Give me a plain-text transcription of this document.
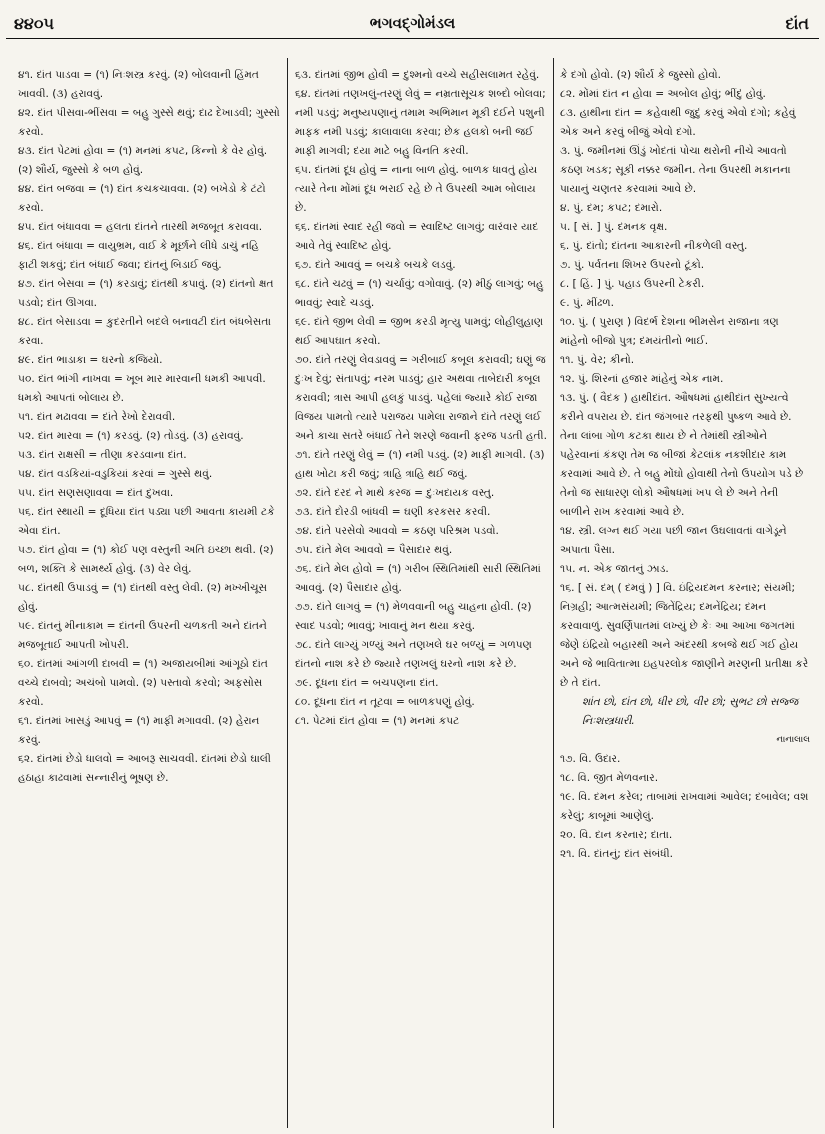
૪૪૦૫	ભગવદ્ગોમંડલ	દાંત
૪૧. દાંત પાડવા = (૧) નિઃશસ્ત્ર કરવું. (૨) બોલવાની હિંમત ખાવવી. (૩) હરાવવું.
૪૨. દાંત પીસવા-ભીંસવા = બહુ ગુસ્સે થવું; દાઢ દેખાડવી; ગુસ્સો કરવો.
૪૩. દાંત પેટમાં હોવા = (૧) મનમાં કપટ, કિન્નો કે વેર હોવું. (૨) શૌર્ય, જુસ્સો કે બળ હોવું.
૪૪. દાંત બજવા = (૧) દાંત કચકચાવવા. (૨) બખેડો કે ટંટો કરવો.
૪૫. દાંત બંધાવવા = હલતા દાંતને તારથી મજબૂત કરાવવા.
૪૬. દાંત બંધાવા = વાયુભ્રમ, વાઈ કે મૂર્છાને લીધે ડાચું નહિ ફાટી શકવું; દાંત બંધાઈ જવા; દાંતનું બિડાઈ જવું.
૪૭. દાંત બેસવા = (૧) કરડાવું; દાંતથી કપાવું. (૨) દાંતનો ક્ષત પડવો; દાંત ઊગવા.
૪૮. દાંત બેસાડવા = કુદરતીને બદલે બનાવટી દાંત બંધબેસતા કરવા.
૪૯. દાંત ભાડાકા = ઘરનો કજિયો.
૫૦. દાંત ભાંગી નાખવા = ખૂબ માર મારવાની ધમકી આપવી. ધમકો આપતાં બોલાય છે.
૫૧. દાંત મઢાવવા = દાંતે રેખો દેરાવવી.
૫૨. દાંત મારવા = (૧) કરડવું. (૨) તોડવું. (૩) હરાવવું.
૫૩. દાંત રાક્ષસી = તીણા કરડવાના દાંત.
૫૪. દાંત વડકિયાં-વડુકિયાં કરવાં = ગુસ્સે થવું.
૫૫. દાંત સણસણાવવા = દાંત દુખવા.
૫૬. દાંત સ્થાયી = દૂધિયા દાંત પડ્યા પછી આવતા કાયમી ટકે એવા દાંત.
૫૭. દાંત હોવા = (૧) કોઈ પણ વસ્તુની અતિ ઇચ્છા થવી. (૨) બળ, શક્તિ કે સામર્થ્ય હોવું. (૩) વેર લેવું.
૫૮. દાંતથી ઉપાડવું = (૧) દાંતથી વસ્તુ લેવી. (૨) મખ્ખીચૂસ હોવું.
૫૯. દાંતનું મીનાકામ = દાંતની ઉપરની ચળકતી અને દાંતને મજબૂતાઈ આપતી ખોપરી.
૬૦. દાંતમાં આંગળી દાબવી = (૧) અજાયબીમાં આંગૂઠો દાંત વચ્ચે દાબવો; અચંબો પામવો. (૨) પસ્તાવો કરવો; અફસોસ કરવો.
૬૧. દાંતમાં ખાસડું આપવું = (૧) માફી મગાવવી. (૨) હેરાન કરવું.
૬૨. દાંતમાં છેડો ધાલવો = આબરૂ સાચવવી. દાંતમાં છેડો ઘાલી હઠાહા કાઢવામાં સન્નારીનું ભૂષણ છે.
૬૩. દાંતમાં જીભ હોવી = દુશ્મનો વચ્ચે સહીસલામત રહેવું.
૬૪. દાંતમાં તણખલું-તરણું લેવું = નમ્રતાસૂચક શબ્દો બોલવા; નમી પડવું; મનુષ્યપણાનું તમામ અભિમાન મૂકી દઈને પશુની માફક નમી પડવું; કાલાવાલા કરવા; છેક હલકો બની જઈ માફી માગવી; દયા માટે બહુ વિનતિ કરવી.
૬૫. દાંતમાં દૂધ હોવું = નાના બાળ હોવું. બાળક ધાવતું હોય ત્યારે તેના મોંમાં દૂધ ભરાઈ રહે છે તે ઉપરથી આમ બોલાય છે.
૬૬. દાંતમાં સ્વાદ રહી જવો = સ્વાદિષ્ટ લાગવું; વારંવાર યાદ આવે તેવું સ્વાદિષ્ટ હોવું.
૬૭. દાંતે આવવું = બચકે બચકે લડવું.
૬૮. દાંતે ચઢવું = (૧) ચર્ચાવું; વગોવાવું. (૨) મીઠું લાગવું; બહુ ભાવવું; સ્વાદે ચડવું.
૬૯. દાંતે જીભ લેવી = જીભ કરડી મૃત્યુ પામવું; લોહીલુહાણ થઈ આપઘાત કરવો.
૭૦. દાંતે તરણું લેવડાવવું = ગરીબાઈ કબૂલ કરાવવી; ઘણું જ દુઃખ દેવું; સંતાપવું; નરમ પાડવું; હાર અથવા તાબેદારી કબૂલ કરાવવી; ત્રાસ આપી હલકું પાડવું. પહેલાં જ્યારે કોઈ રાજા વિજય પામતો ત્યારે પરાજય પામેલા રાજાને દાંતે તરણું લઈ અને કાચા સતરે બંધાઈ તેને શરણે જવાની ફરજ પડતી હતી.
૭૧. દાંતે તરણું લેવું = (૧) નમી પડવું. (૨) માફી માગવી. (૩) હાથ ખોટા કરી જવું; ત્રાહિ ત્રાહિ થઈ જવું.
૭૨. દાંતે દરદ ને માથે કરજ = દુઃખદાયક વસ્તુ.
૭૩. દાંતે દોરડી બાંધવી = ઘણી કરકસર કરવી.
૭૪. દાંતે પરસેવો આવવો = કઠણ પરિશ્રમ પડવો.
૭૫. દાંતે મેલ આવવો = પૈસાદાર થવું.
૭૬. દાંતે મેલ હોવો = (૧) ગરીબ સ્થિતિમાંથી સારી સ્થિતિમાં આવવું. (૨) પૈસાદાર હોવું.
૭૭. દાંતે લાગવું = (૧) મેળવવાની બહુ ચાહના હોવી. (૨) સ્વાદ પડવો; ભાવવું; ખાવાનું મન થયા કરવું.
૭૮. દાંતે લાગ્યું ગળ્યું અને તણખલે ઘર બળ્યું = ગળપણ દાંતનો નાશ કરે છે જ્યારે તણખલું ઘરનો નાશ કરે છે.
૭૯. દૂધના દાંત = બચપણના દાંત.
૮૦. દૂધના દાંત ન તૂટવા = બાળકપણું હોવું.
૮૧. પેટમાં દાંત હોવા = (૧) મનમાં કપટ
કે દગો હોવો. (૨) શૌર્ય કે જુસ્સો હોવો.
૮૨. મોંમાં દાંત ન હોવા = અબોલ હોવું; ભીંદું હોવું.
૮૩. હાથીના દાંત = કહેવાથી જુદું કરવું એવો દગો; કહેવું એક અને કરવું બીજું એવો દગો.
૩. પું. જમીનમાં ઊંડું ખોદતાં પોચા થરોની નીચે આવતો કઠણ ખડક; સૂકી નક્કર જમીન. તેના ઉપરથી મકાનના પાયાનું ચણતર કરવામાં આવે છે.
૪. પું. દમ; કપટ; દમારો.
૫. [ સં. ] પું. દમનક વૃક્ષ.
૬. પું. દાંતો; દાંતના આકારની નીકળેલી વસ્તુ.
૭. પું. પર્વતના શિખર ઉપરનો ટૂંકો.
૮. [ હિં. ] પું. પહાડ ઉપરની ટેકરી.
૯. પું. મીંઢળ.
૧૦. પું. ( પુરાણ ) વિદર્ભ દેશના ભીમસેન રાજાના ત્રણ માંહેનો બીજો પુત્ર; દમયંતીનો ભાઈ.
૧૧. પું. વેર; કીનો.
૧૨. પું. શિરનાં હજાર માંહેનું એક નામ.
૧૩. પું. ( વૈદક ) હાથીદાંત. ઔષધમાં હાથીદાંત સુખ્યત્વે કરીને વપરાય છે. દાંત જંગબાર તરફથી પુષ્કળ આવે છે. તેના લાંબા ગોળ કટકા થાય છે ને તેમાંથી સ્ત્રીઓને પહેરવાનાં કંકણ તેમ જ બીજાં કેટલાંક નકશીદાર કામ કરવામાં આવે છે. તે બહુ મોંઘો હોવાથી તેનો ઉપયોગ પડે છે તેનો જ સાધારણ લોકો ઔષધમાં ખપ લે છે અને તેની બાળીને રાખ કરવામાં આવે છે.
૧૪. સ્ત્રી. લગ્ન થઈ ગયા પછી જાન ઉઘલાવતાં વાગેડૂને અપાતા પૈસા.
૧૫. ન. એક જાતનું ઝાડ.
૧૬. [ સં. દમ્ ( દમવું ) ] વિ. ઇંદ્રિયદમન કરનાર; સંયમી; નિગ્રહી; આત્મસંયમી; જિતેંદ્રિય; દમનેંદ્રિય; દમન કરવાવાળું. સુવર્ણિપાતમાં લખ્યું છે કેઃ આ આખા જગતમાં જેણે ઇંદ્રિયો બહારથી અને અંદરથી કબજે થઈ ગઈ હોય અને જે ભાવિતાત્મા ઇહપરલોક જાણીને મરણની પ્રતીક્ષા કરે છે તે દાંત.
શાંત છો, દાંત છો, ધીર છો, વીર છો; સુભટ છો સજ્જ નિઃશસ્ત્રધારી.
નાનાલાલ
૧૭. વિ. ઉદાર.
૧૮. વિ. જીત મેળવનાર.
૧૯. વિ. દમન કરેલ; તાબામાં રાખવામાં આવેલ; દબાવેલ; વશ કરેલું; કાબૂમાં આણેલું.
૨૦. વિ. દાન કરનાર; દાતા.
૨૧. વિ. દાંતનું; દાંત સંબંધી.
